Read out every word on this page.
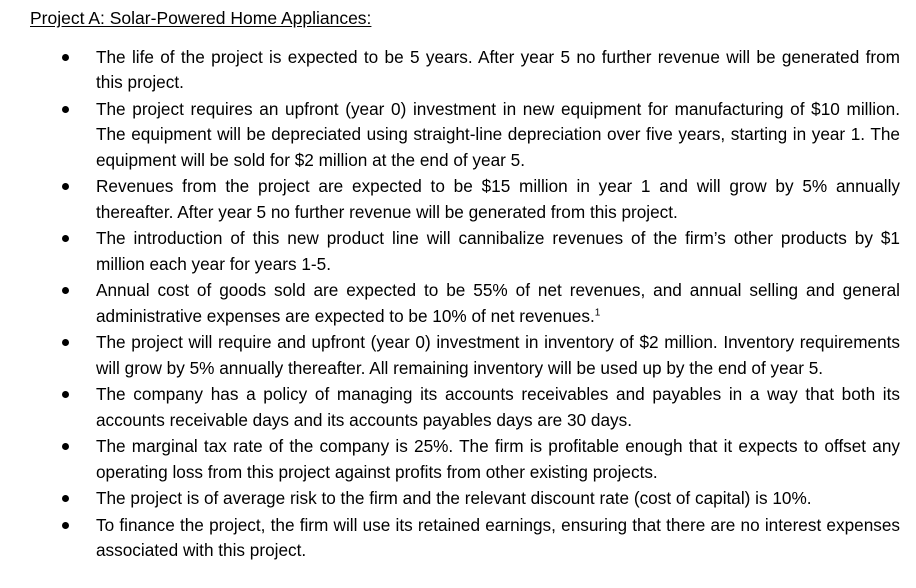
Project A: Solar-Powered Home Appliances:
The life of the project is expected to be 5 years. After year 5 no further revenue will be generated from this project.
The project requires an upfront (year 0) investment in new equipment for manufacturing of $10 million. The equipment will be depreciated using straight-line depreciation over five years, starting in year 1. The equipment will be sold for $2 million at the end of year 5.
Revenues from the project are expected to be $15 million in year 1 and will grow by 5% annually thereafter. After year 5 no further revenue will be generated from this project.
The introduction of this new product line will cannibalize revenues of the firm’s other products by $1 million each year for years 1-5.
Annual cost of goods sold are expected to be 55% of net revenues, and annual selling and general administrative expenses are expected to be 10% of net revenues.$^1$
The project will require and upfront (year 0) investment in inventory of $2 million. Inventory requirements will grow by 5% annually thereafter. All remaining inventory will be used up by the end of year 5.
The company has a policy of managing its accounts receivables and payables in a way that both its accounts receivable days and its accounts payables days are 30 days.
The marginal tax rate of the company is 25%. The firm is profitable enough that it expects to offset any operating loss from this project against profits from other existing projects.
The project is of average risk to the firm and the relevant discount rate (cost of capital) is 10%.
To finance the project, the firm will use its retained earnings, ensuring that there are no interest expenses associated with this project.
